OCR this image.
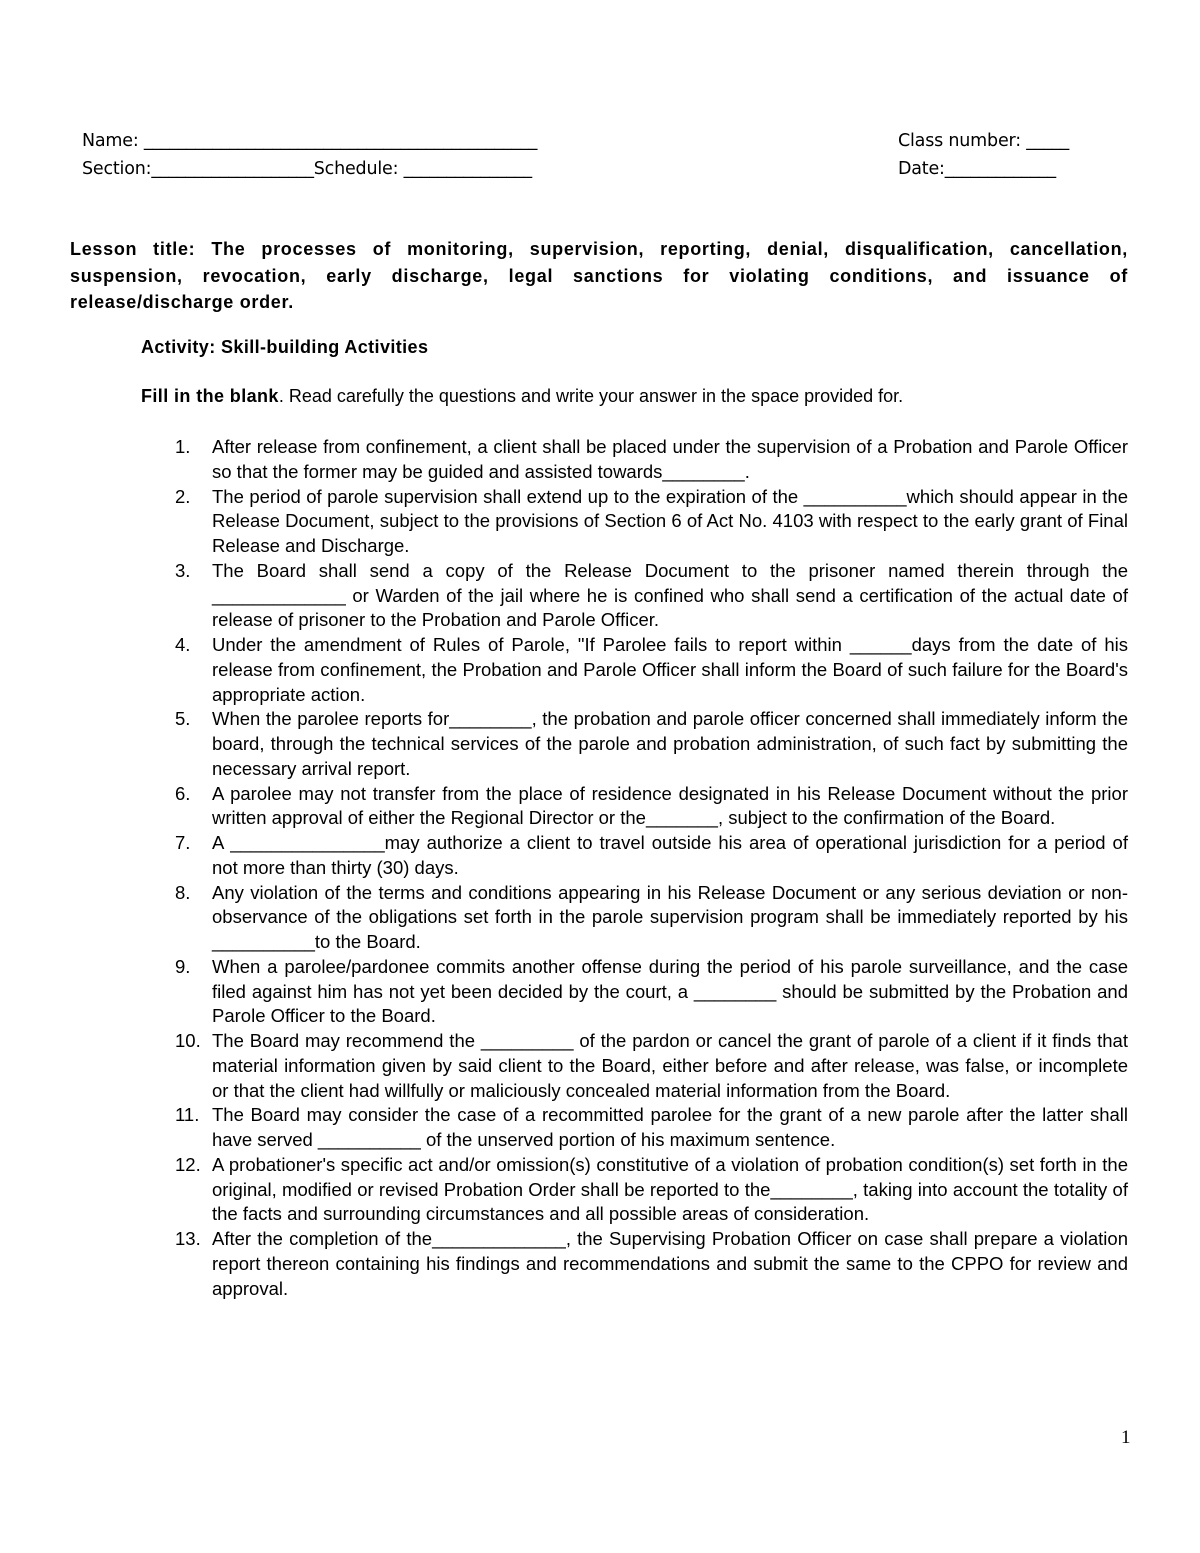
Name: ______________________________________________
Section:___________________Schedule: _______________
Class number: _____
Date:_____________
Lesson title: The processes of monitoring, supervision, reporting, denial, disqualification, cancellation, suspension, revocation, early discharge, legal sanctions for violating conditions, and issuance of release/discharge order.
Activity: Skill-building Activities
Fill in the blank. Read carefully the questions and write your answer in the space provided for.
1. After release from confinement, a client shall be placed under the supervision of a Probation and Parole Officer so that the former may be guided and assisted towards________.
2. The period of parole supervision shall extend up to the expiration of the __________which should appear in the Release Document, subject to the provisions of Section 6 of Act No. 4103 with respect to the early grant of Final Release and Discharge.
3. The Board shall send a copy of the Release Document to the prisoner named therein through the _____________ or Warden of the jail where he is confined who shall send a certification of the actual date of release of prisoner to the Probation and Parole Officer.
4. Under the amendment of Rules of Parole, "If Parolee fails to report within ______days from the date of his release from confinement, the Probation and Parole Officer shall inform the Board of such failure for the Board's appropriate action.
5. When the parolee reports for________, the probation and parole officer concerned shall immediately inform the board, through the technical services of the parole and probation administration, of such fact by submitting the necessary arrival report.
6. A parolee may not transfer from the place of residence designated in his Release Document without the prior written approval of either the Regional Director or the_______, subject to the confirmation of the Board.
7. A _______________may authorize a client to travel outside his area of operational jurisdiction for a period of not more than thirty (30) days.
8. Any violation of the terms and conditions appearing in his Release Document or any serious deviation or non-observance of the obligations set forth in the parole supervision program shall be immediately reported by his __________to the Board.
9. When a parolee/pardonee commits another offense during the period of his parole surveillance, and the case filed against him has not yet been decided by the court, a ________ should be submitted by the Probation and Parole Officer to the Board.
10. The Board may recommend the _________ of the pardon or cancel the grant of parole of a client if it finds that material information given by said client to the Board, either before and after release, was false, or incomplete or that the client had willfully or maliciously concealed material information from the Board.
11. The Board may consider the case of a recommitted parolee for the grant of a new parole after the latter shall have served __________ of the unserved portion of his maximum sentence.
12. A probationer's specific act and/or omission(s) constitutive of a violation of probation condition(s) set forth in the original, modified or revised Probation Order shall be reported to the________, taking into account the totality of the facts and surrounding circumstances and all possible areas of consideration.
13. After the completion of the_____________, the Supervising Probation Officer on case shall prepare a violation report thereon containing his findings and recommendations and submit the same to the CPPO for review and approval.
1
